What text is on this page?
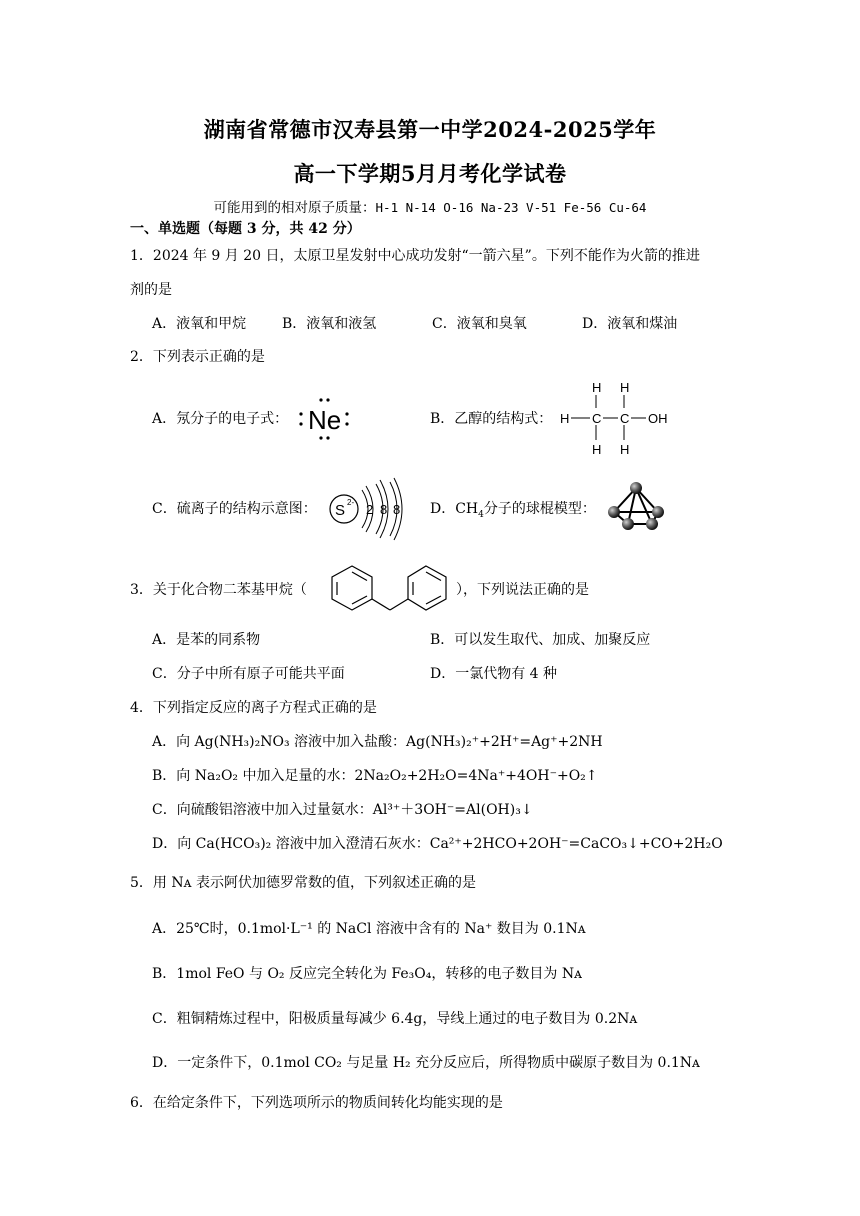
湖南省常德市汉寿县第一中学2024-2025学年
高一下学期5月月考化学试卷
可能用到的相对原子质量：H-1 N-14 O-16 Na-23 V-51 Fe-56 Cu-64
一、单选题（每题 3 分，共 42 分）
1．2024 年 9 月 20 日，太原卫星发射中心成功发射“一箭六星”。下列不能作为火箭的推进
剂的是
A．液氧和甲烷	B．液氧和液氢	C．液氧和臭氧	D．液氧和煤油
2．下列表示正确的是
A．氖分子的电子式： Ne	B．乙醇的结构式：
H H
H C C OH
H H
C．硫离子的结构示意图： S 2- 2 8 8 D．$CH_4$分子的球棍模型：
3．关于化合物二苯基甲烷（	），下列说法正确的是
A．是苯的同系物	B．可以发生取代、加成、加聚反应
C．分子中所有原子可能共平面	D．一氯代物有 4 种
4．下列指定反应的离子方程式正确的是
A．向 Ag(NH₃)₂NO₃ 溶液中加入盐酸：Ag(NH₃)₂⁺+2H⁺=Ag⁺+2NH
B．向 Na₂O₂ 中加入足量的水：2Na₂O₂+2H₂O=4Na⁺+4OH⁻+O₂↑
C．向硫酸铝溶液中加入过量氨水：Al³⁺＋3OH⁻=Al(OH)₃↓
D．向 Ca(HCO₃)₂ 溶液中加入澄清石灰水：Ca²⁺+2HCO+2OH⁻=CaCO₃↓+CO+2H₂O
5．用 Nᴀ 表示阿伏加德罗常数的值，下列叙述正确的是
A．25℃时，0.1mol·L⁻¹ 的 NaCl 溶液中含有的 Na⁺ 数目为 0.1Nᴀ
B．1mol FeO 与 O₂ 反应完全转化为 Fe₃O₄，转移的电子数目为 Nᴀ
C．粗铜精炼过程中，阳极质量每减少 6.4g，导线上通过的电子数目为 0.2Nᴀ
D．一定条件下，0.1mol CO₂ 与足量 H₂ 充分反应后，所得物质中碳原子数目为 0.1Nᴀ
6．在给定条件下，下列选项所示的物质间转化均能实现的是
